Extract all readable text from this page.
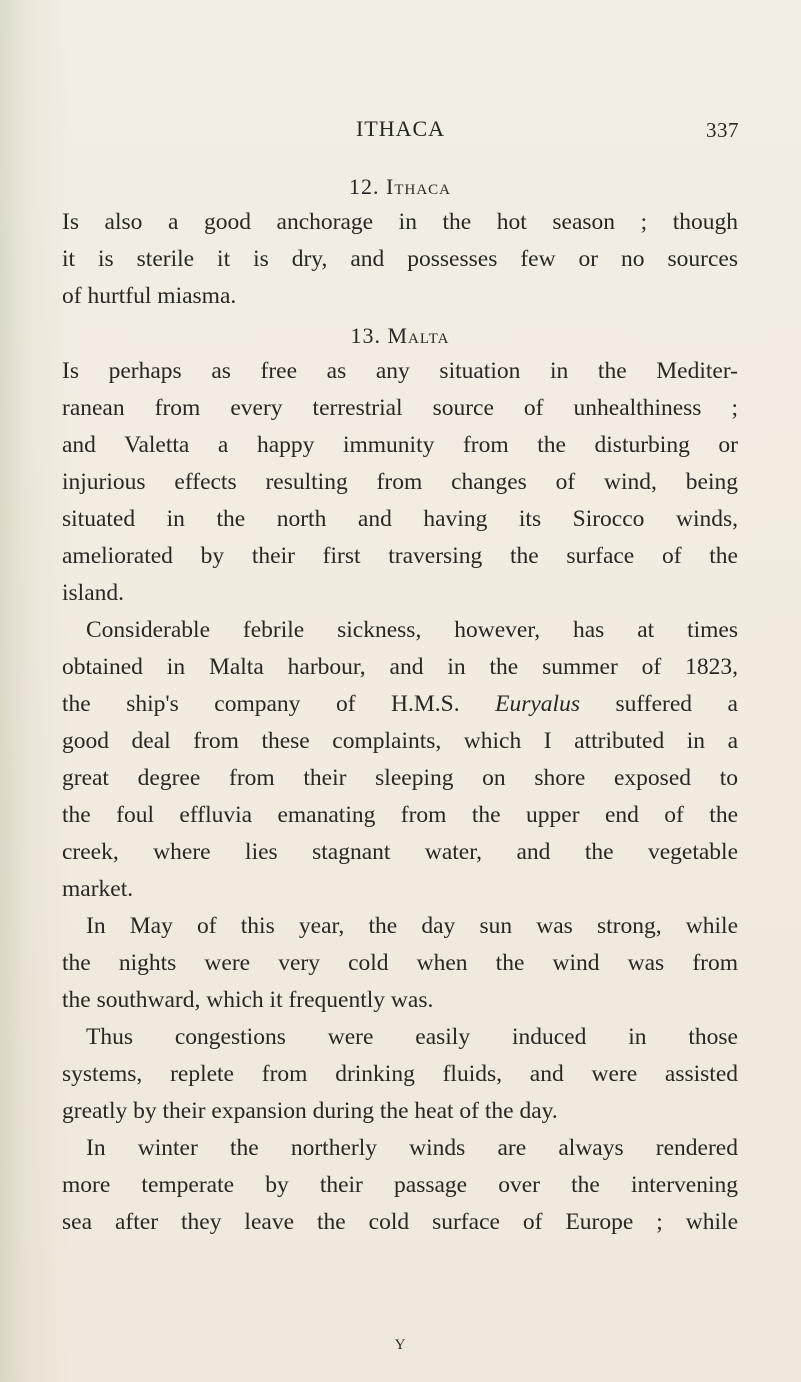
ITHACA	337
12. Ithaca
Is also a good anchorage in the hot season ; though
it is sterile it is dry, and possesses few or no sources
of hurtful miasma.
13. Malta
Is perhaps as free as any situation in the Mediter-
ranean from every terrestrial source of unhealthiness ;
and Valetta a happy immunity from the disturbing or
injurious effects resulting from changes of wind, being
situated in the north and having its Sirocco winds,
ameliorated by their first traversing the surface of the
island.
Considerable febrile sickness, however, has at times
obtained in Malta harbour, and in the summer of 1823,
the ship's company of H.M.S. Euryalus suffered a
good deal from these complaints, which I attributed in a
great degree from their sleeping on shore exposed to
the foul effluvia emanating from the upper end of the
creek, where lies stagnant water, and the vegetable
market.
In May of this year, the day sun was strong, while
the nights were very cold when the wind was from
the southward, which it frequently was.
Thus congestions were easily induced in those
systems, replete from drinking fluids, and were assisted
greatly by their expansion during the heat of the day.
In winter the northerly winds are always rendered
more temperate by their passage over the intervening
sea after they leave the cold surface of Europe ; while
Y
